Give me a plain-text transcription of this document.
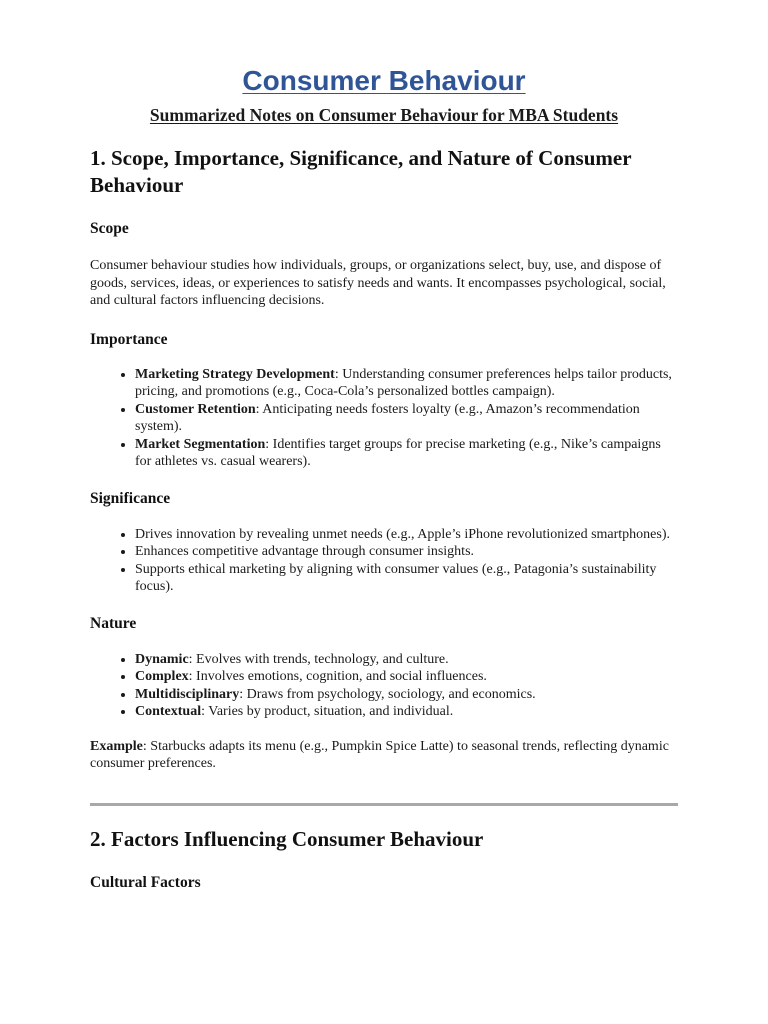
Consumer Behaviour
Summarized Notes on Consumer Behaviour for MBA Students
1. Scope, Importance, Significance, and Nature of Consumer Behaviour
Scope

Consumer behaviour studies how individuals, groups, or organizations select, buy, use, and dispose of goods, services, ideas, or experiences to satisfy needs and wants. It encompasses psychological, social, and cultural factors influencing decisions.

Importance
• Marketing Strategy Development: Understanding consumer preferences helps tailor products, pricing, and promotions (e.g., Coca-Cola’s personalized bottles campaign).
• Customer Retention: Anticipating needs fosters loyalty (e.g., Amazon’s recommendation system).
• Market Segmentation: Identifies target groups for precise marketing (e.g., Nike’s campaigns for athletes vs. casual wearers).
Significance
• Drives innovation by revealing unmet needs (e.g., Apple’s iPhone revolutionized smartphones).
• Enhances competitive advantage through consumer insights.
• Supports ethical marketing by aligning with consumer values (e.g., Patagonia’s sustainability focus).
Nature
• Dynamic: Evolves with trends, technology, and culture.
• Complex: Involves emotions, cognition, and social influences.
• Multidisciplinary: Draws from psychology, sociology, and economics.
• Contextual: Varies by product, situation, and individual.

Example: Starbucks adapts its menu (e.g., Pumpkin Spice Latte) to seasonal trends, reflecting dynamic consumer preferences.

2. Factors Influencing Consumer Behaviour
Cultural Factors
